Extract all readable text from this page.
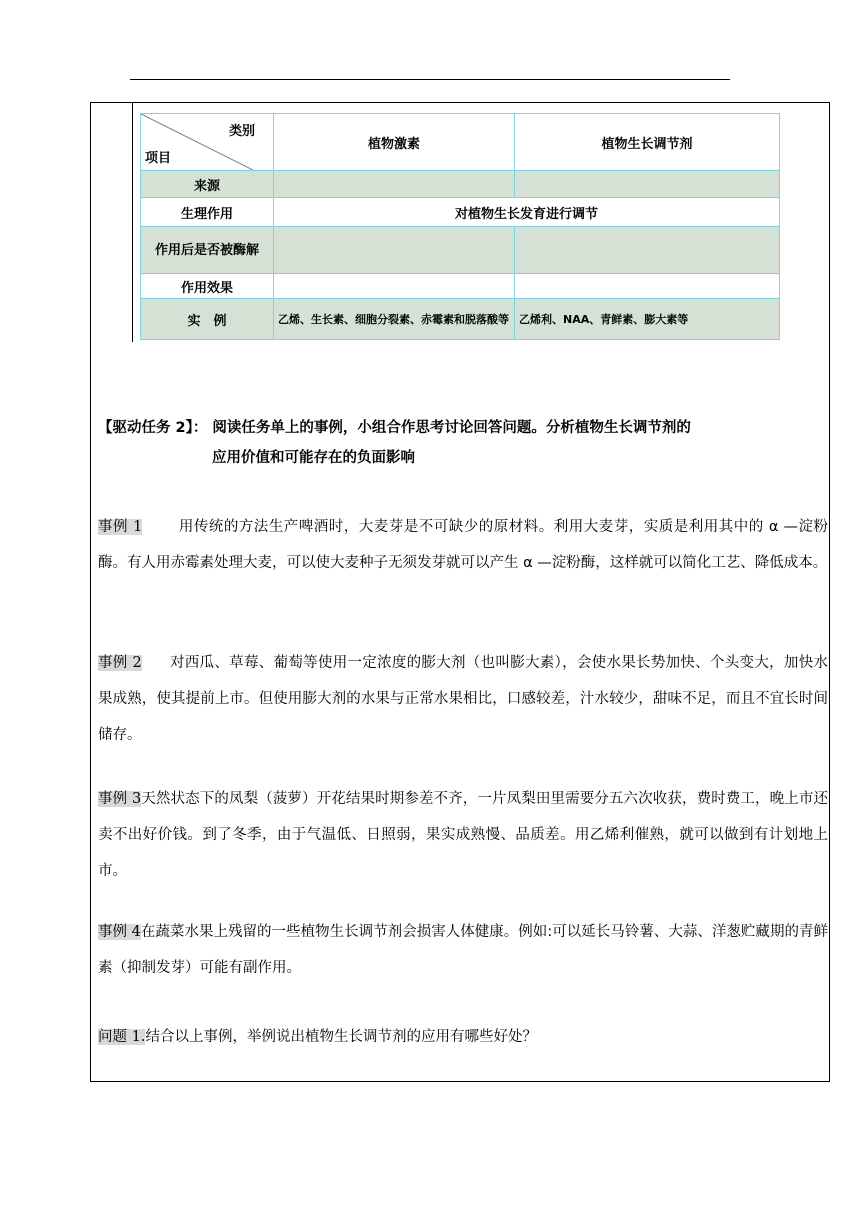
类别
项目	植物激素	植物生长调节剂
来源		
生理作用	对植物生长发育进行调节	
作用后是否被酶解		
作用效果		
实　例	乙烯、生长素、细胞分裂素、赤霉素和脱落酸等	乙烯利、NAA、青鲜素、膨大素等
【驱动任务 2】： 阅读任务单上的事例，小组合作思考讨论回答问题。分析植物生长调节剂的
应用价值和可能存在的负面影响
事例 1 用传统的方法生产啤酒时，大麦芽是不可缺少的原材料。利用大麦芽，实质是利用其中的 α —淀粉酶。有人用赤霉素处理大麦，可以使大麦种子无须发芽就可以产生 α —淀粉酶，这样就可以简化工艺、降低成本。
事例 2 对西瓜、草莓、葡萄等使用一定浓度的膨大剂（也叫膨大素），会使水果长势加快、个头变大，加快水果成熟，使其提前上市。但使用膨大剂的水果与正常水果相比，口感较差，汁水较少，甜味不足，而且不宜长时间储存。
事例 3天然状态下的凤梨（菠萝）开花结果时期参差不齐，一片凤梨田里需要分五六次收获，费时费工，晚上市还卖不出好价钱。到了冬季，由于气温低、日照弱，果实成熟慢、品质差。用乙烯利催熟，就可以做到有计划地上市。
事例 4在蔬菜水果上残留的一些植物生长调节剂会损害人体健康。例如:可以延长马铃薯、大蒜、洋葱贮藏期的青鲜素（抑制发芽）可能有副作用。
问题 1.结合以上事例，举例说出植物生长调节剂的应用有哪些好处？
